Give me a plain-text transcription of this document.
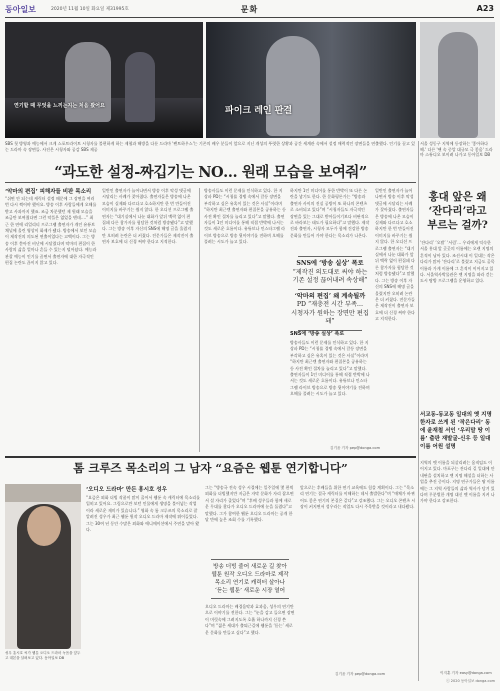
동아일보	2020년 11월 10일 화요일 제31995호	문화	A23
연기할 때 무엇을 느끼는지는 처음 봤어요	파이크 레인 판결
SBS 첫 방영과 예능에서 크게 스포트라이트 시청자를 불편하게 하는 제협과 해방을 다룬 드라마 '펜트하우스'는 기존의 배우 분들이 앞으로 지닌 개성의 뚜렷한 상황과 공간 세계관 속에서 설정 매력적인 장면들을 연출했다. 인기를 끌고 있는 드라마 속 장면들. 사진은 시청자와 공감 SBS 제공
서울 성동구 지역에 등장하는 '좋아하다 해.' 다른 '팬 속 중앙 대규모 극 좋음' 드라마 스튜디오 보이려 나가고 동아일보 DB
“과도한 설정-짜깁기는 NO… 원래 모습을 보여줘”
‘악마의 편집’ 피해자들 비판 목소리
“쉬면 안 되는데 캐릭터 설정 때문에 그 장면을 여러번 다시 찍어야 했어요. 방송 이후 사람들에게 오해를 받고 사과까지 했죠. 조금 차분했던 제 원래 모습을 조금만 보여줬다면 그런 악플은 없었을 텐데….” 최근 한 연애 리얼리티 프로그램 출연자가 개인 유튜브 채널에 올린 영상이 화제가 됐다. 방송에서 보인 모습이 제작진의 의도된 연출이었다는 고백이다. 그는 방송 이후 쏟아진 비난에 시달렸다며 악마의 편집이 한 사람의 삶을 얼마나 흔들 수 있는지 털어놨다. 예능과 관찰 예능이 인기를 끌면서 출연자에 대한 자극적인 편집 논란도 끊이지 않고 있다.
일반인 출연자가 늘어나면서 방송 이후 악성 댓글에 시달리는 사례가 잦아졌다. 출연자들은 방송에 나온 모습이 실제와 다르다고 호소하지만 한 번 만들어진 이미지를 바꾸기는 쉽지 않다. 한 오디션 프로그램 출연자는 “대기실에서 나눈 대화가 앞뒤 맥락 없이 편집돼 다른 참가자를 험담한 것처럼 방송됐다”고 말했다. 그는 방송 이후 자신의 SNS에 해명 글을 올렸지만 오히려 논란은 더 커졌다. 전문가들은 제작진이 출연자 보호에 더 신경 써야 한다고 지적한다.
방송사들도 이런 문제를 인식하고 있다. 한 지상파 PD는 “시청률 경쟁 속에서 갈등 장면을 부각하고 싶은 유혹이 있는 것은 사실”이라며 “하지만 최근엔 출연자와 편집본을 공유하는 등 사전 확인 절차를 늘리고 있다”고 말했다. 출연자들이 1인 미디어를 통해 직접 반박에 나서는 것도 새로운 흐름이다. 유튜브나 인스타그램 라이브 방송으로 방송 뒷이야기를 전하며 오해를 풀려는 시도가 늘고 있다.
SNS에 ‘방송 실상’ 폭로
“제작진 의도대로 써야 하는
기존 설정 끊어내려 속상해”
‘악마의 편집’ 왜 계속될까
PD “재충전 시간 부족…
시청자가 원하는 장면만 편집돼”
하지만 1인 미디어를 통한 반박이 또 다른 논란을 낳기도 한다. 한 문화평론가는 “방송과 출연자 사이의 진실 공방이 또 하나의 콘텐츠로 소비되고 있다”며 “시청자들도 자극적인 장면을 있는 그대로 받아들이기보다 비판적으로 바라보는 태도가 필요하다”고 말했다. 제작진과 출연자, 시청자 모두가 함께 건강한 방송 문화를 만들어 가야 한다는 목소리가 나온다.
일반인 출연자가 늘어나면서 방송 이후 악성 댓글에 시달리는 사례가 잦아졌다. 출연자들은 방송에 나온 모습이 실제와 다르다고 호소하지만 한 번 만들어진 이미지를 바꾸기는 쉽지 않다. 한 오디션 프로그램 출연자는 “대기실에서 나눈 대화가 앞뒤 맥락 없이 편집돼 다른 참가자를 험담한 것처럼 방송됐다”고 말했다. 그는 방송 이후 자신의 SNS에 해명 글을 올렸지만 오히려 논란은 더 커졌다. 전문가들은 제작진이 출연자 보호에 더 신경 써야 한다고 지적한다.
SNS에 ‘방송 실상’ 폭로
방송사들도 이런 문제를 인식하고 있다. 한 지상파 PD는 “시청률 경쟁 속에서 갈등 장면을 부각하고 싶은 유혹이 있는 것은 사실”이라며 “하지만 최근엔 출연자와 편집본을 공유하는 등 사전 확인 절차를 늘리고 있다”고 말했다. 출연자들이 1인 미디어를 통해 직접 반박에 나서는 것도 새로운 흐름이다. 유튜브나 인스타그램 라이브 방송으로 방송 뒷이야기를 전하며 오해를 풀려는 시도가 늘고 있다.
김기윤 기자 pep@donga.com
홍대 앞은 왜
‘잔다리’라고
부르는 걸까?
‘잔다리’ ‘오밤’ ‘서림’… 우리에게 익숙한 서울 홍대 앞 곳곳의 이름에는 오랜 지명의 흔적이 남아 있다. 조선시대 이 일대는 작은 다리가 많아 ‘잔다리’로 불렸고 지금도 골목 이름과 가게 이름에 그 흔적이 이어지고 있다. 서울역사박물관은 옛 지명을 따라 걷는 도시 탐방 프로그램을 운영하고 있다.
서교동-동교동 일대의 옛 지명 한자로 쓰게 된 ‘작은다리’ 동에 윤재철 서인 ‘우리말 땅 이름’ 출판 재발굴-신우 등 일대 이름 어원 설명
지역의 옛 이름을 되살리려는 움직임도 이어지고 있다. 마포구는 잔다리 길 일대에 안내판을 설치하고 옛 지명 해설을 더하는 사업을 추진 중이다. 지명 연구가들은 땅 이름에는 그 지역 사람들의 삶과 역사가 담겨 있다며 무분별한 개명 대신 옛 이름을 지켜 나가야 한다고 강조한다.
이지훈 기자 easy@donga.com
톰 크루즈 목소리의 그 남자 “요즘은 웹툰 연기합니다”
성우 흥시호 씨가 웹툰 오디오 드라마 녹음을 앞두고 대본을 살펴보고 있다. 동아일보 DB
‘오디오 드라마’ 만든 흥시호 성우
“요즘은 외화 더빙 작품이 많이 줄어서 웹툰 속 캐릭터에 목소리를 입히고 있어요. 그림으로만 보던 인물에게 생명을 불어넣는 작업이라 새로운 재미가 있습니다.” 영화 속 톰 크루즈의 목소리로 잘 알려진 성우가 최근 웹툰 원작 오디오 드라마 제작에 뛰어들었다. 그는 30여 년 동안 수많은 외화와 애니메이션에서 주연을 맡아 왔다.
그는 “방송국 전속 성우 시절에는 일주일에 몇 편씩 외화를 더빙했지만 지금은 자막 문화가 자리 잡으면서 설 자리가 줄었다”며 “후배 성우들과 함께 새로운 무대를 찾다가 오디오 드라마에 눈을 돌렸다”고 말했다. 그가 참여한 웹툰 오디오 드라마는 공개 한 달 만에 높은 조회 수를 기록했다.
방송 더빙 줄어 새로운 길 찾아
웹툰 원작 오디오 드라마로 제작
목소리 연기로 캐릭터 살아나
‘듣는 웹툰’ 새로운 시장 열어
오디오 드라마는 배경음악과 효과음, 성우의 연기만으로 이야기를 전한다. 그는 “눈을 감고 들으면 장면이 머릿속에 그려지도록 호흡 하나까지 신경 쓴다”며 “젊은 세대가 출퇴근길에 웹툰을 ‘듣는’ 새로운 문화를 만들고 싶다”고 했다.
앞으로는 후배들을 위한 연기 교육에도 힘쓸 계획이다. 그는 “목소리 연기는 결국 캐릭터를 이해하는 데서 출발한다”며 “매체가 바뀌어도 좋은 연기의 본질은 같다”고 강조했다. 그는 오디오 콘텐츠 시장이 커지면서 성우라는 직업도 다시 주목받을 것이라고 내다봤다.
김기윤 기자 pep@donga.com
ⓒ 2020 동아일보 donga.com
